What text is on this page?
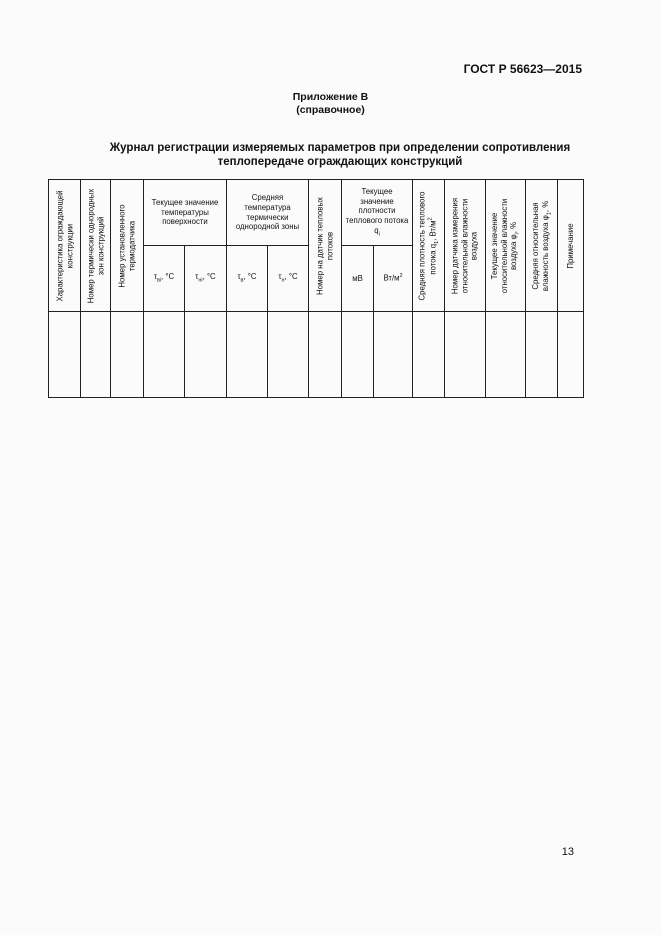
ГОСТ Р 56623—2015
Приложение В
(справочное)
Журнал регистрации измеряемых параметров при определении сопротивления
теплопередаче ограждающих конструкций
Характеристика ограждающей конструкции	Номер термически однородных зон конструкций	Номер установленного термодатчика	Текущее значение температуры поверхности		Средняя температура термически однородной зоны		Номер на датчик тепловых потоков	Текущее значение плотности теплового потока $q_i$		Средняя плотность теплового потока $q_1$, $Вт/м^2$	Номер датчика измерения относительной влажности воздуха	Текущее значение относительной влажности воздуха $\varphi_i$, %	Средняя относительная влажность воздуха $\varphi_1$, %	Примечание

			$\tau_{вi}$, °С	$\tau_{нi}$, °С	$\tau_в$, °С	$\tau_н$, °С		мВ	$Вт/м^2$

13
